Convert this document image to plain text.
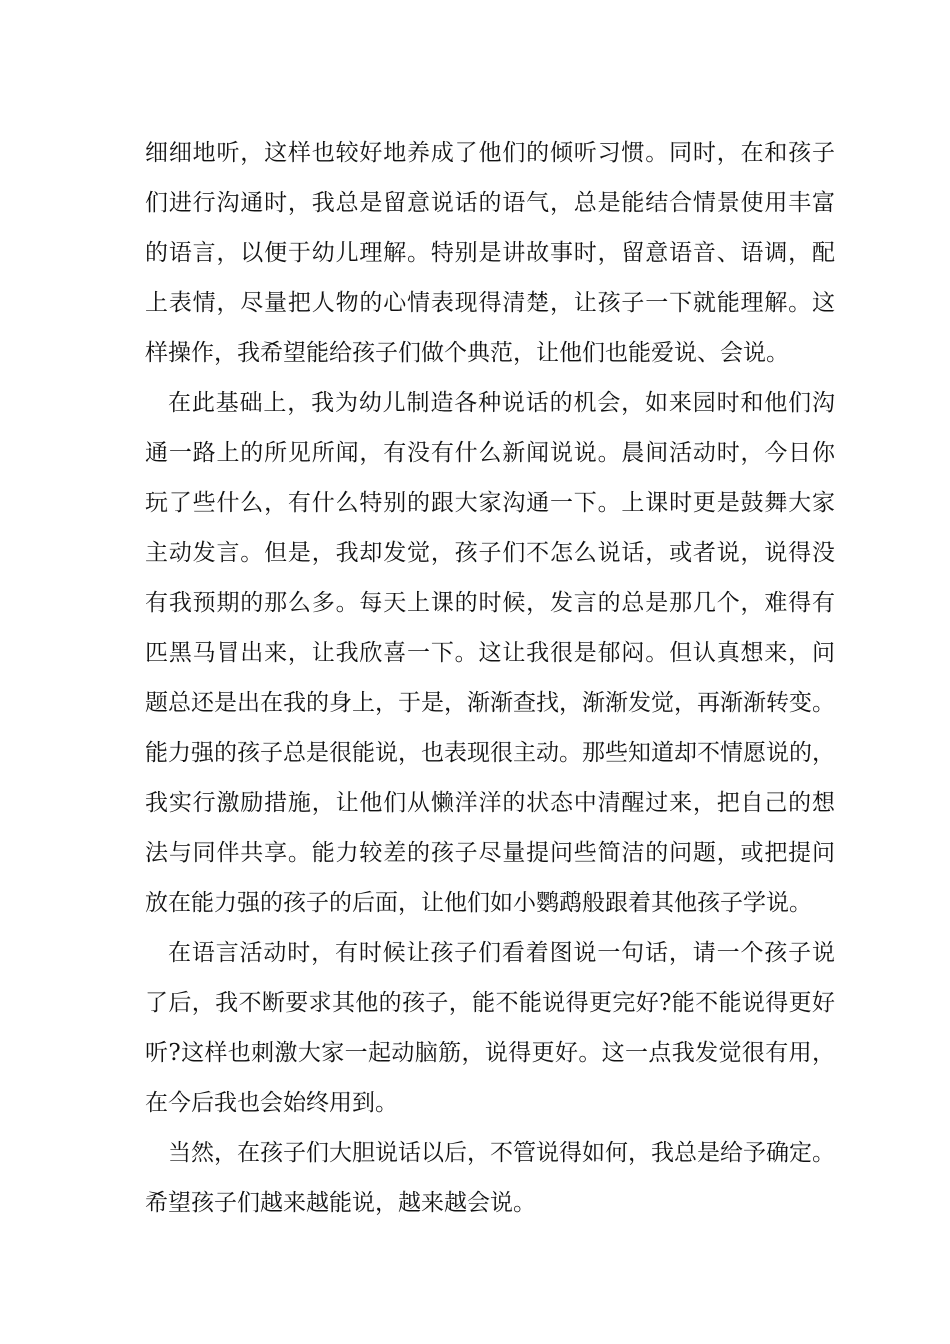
细细地听，这样也较好地养成了他们的倾听习惯。同时，在和孩子
们进行沟通时，我总是留意说话的语气，总是能结合情景使用丰富
的语言，以便于幼儿理解。特别是讲故事时，留意语音、语调，配
上表情，尽量把人物的心情表现得清楚，让孩子一下就能理解。这
样操作，我希望能给孩子们做个典范，让他们也能爱说、会说。
在此基础上，我为幼儿制造各种说话的机会，如来园时和他们沟
通一路上的所见所闻，有没有什么新闻说说。晨间活动时，今日你
玩了些什么，有什么特别的跟大家沟通一下。上课时更是鼓舞大家
主动发言。但是，我却发觉，孩子们不怎么说话，或者说，说得没
有我预期的那么多。每天上课的时候，发言的总是那几个，难得有
匹黑马冒出来，让我欣喜一下。这让我很是郁闷。但认真想来，问
题总还是出在我的身上，于是，渐渐查找，渐渐发觉，再渐渐转变。
能力强的孩子总是很能说，也表现很主动。那些知道却不情愿说的，
我实行激励措施，让他们从懒洋洋的状态中清醒过来，把自己的想
法与同伴共享。能力较差的孩子尽量提问些简洁的问题，或把提问
放在能力强的孩子的后面，让他们如小鹦鹉般跟着其他孩子学说。
在语言活动时，有时候让孩子们看着图说一句话，请一个孩子说
了后，我不断要求其他的孩子，能不能说得更完好?能不能说得更好
听?这样也刺激大家一起动脑筋，说得更好。这一点我发觉很有用，
在今后我也会始终用到。
当然，在孩子们大胆说话以后，不管说得如何，我总是给予确定。
希望孩子们越来越能说，越来越会说。
